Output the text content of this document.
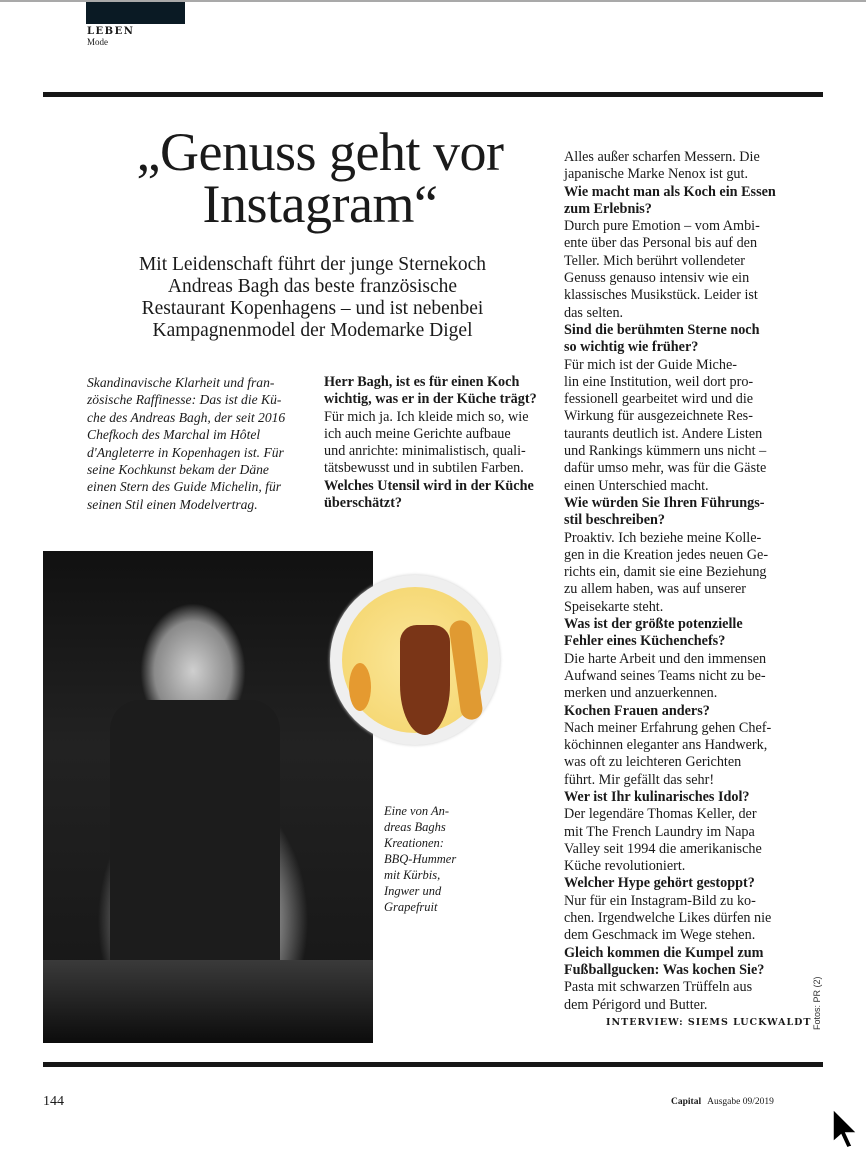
LEBEN
Mode
„Genuss geht vor
Instagram“
Mit Leidenschaft führt der junge Sternekoch
Andreas Bagh das beste französische
Restaurant Kopenhagens – und ist nebenbei
Kampagnenmodel der Modemarke Digel
Skandinavische Klarheit und fran-
zösische Raffinesse: Das ist die Kü-
che des Andreas Bagh, der seit 2016
Chefkoch des Marchal im Hôtel
d'Angleterre in Kopenhagen ist. Für
seine Kochkunst bekam der Däne
einen Stern des Guide Michelin, für
seinen Stil einen Modelvertrag.
Herr Bagh, ist es für einen Koch
wichtig, was er in der Küche trägt?
Für mich ja. Ich kleide mich so, wie
ich auch meine Gerichte aufbaue
und anrichte: minimalistisch, quali-
tätsbewusst und in subtilen Farben.
Welches Utensil wird in der Küche
überschätzt?
Alles außer scharfen Messern. Die
japanische Marke Nenox ist gut.
Wie macht man als Koch ein Essen
zum Erlebnis?
Durch pure Emotion – vom Ambi-
ente über das Personal bis auf den
Teller. Mich berührt vollendeter
Genuss genauso intensiv wie ein
klassisches Musikstück. Leider ist
das selten.
Sind die berühmten Sterne noch
so wichtig wie früher?
Für mich ist der Guide Miche-
lin eine Institution, weil dort pro-
fessionell gearbeitet wird und die
Wirkung für ausgezeichnete Res-
taurants deutlich ist. Andere Listen
und Rankings kümmern uns nicht –
dafür umso mehr, was für die Gäste
einen Unterschied macht.
Wie würden Sie Ihren Führungs-
stil beschreiben?
Proaktiv. Ich beziehe meine Kolle-
gen in die Kreation jedes neuen Ge-
richts ein, damit sie eine Beziehung
zu allem haben, was auf unserer
Speisekarte steht.
Was ist der größte potenzielle
Fehler eines Küchenchefs?
Die harte Arbeit und den immensen
Aufwand seines Teams nicht zu be-
merken und anzuerkennen.
Kochen Frauen anders?
Nach meiner Erfahrung gehen Chef-
köchinnen eleganter ans Handwerk,
was oft zu leichteren Gerichten
führt. Mir gefällt das sehr!
Wer ist Ihr kulinarisches Idol?
Der legendäre Thomas Keller, der
mit The French Laundry im Napa
Valley seit 1994 die amerikanische
Küche revolutioniert.
Welcher Hype gehört gestoppt?
Nur für ein Instagram-Bild zu ko-
chen. Irgendwelche Likes dürfen nie
dem Geschmack im Wege stehen.
Gleich kommen die Kumpel zum
Fußballgucken: Was kochen Sie?
Pasta mit schwarzen Trüffeln aus
dem Périgord und Butter.
INTERVIEW: SIEMS LUCKWALDT Fotos: PR (2)
Eine von An-
dreas Baghs
Kreationen:
BBQ-Hummer
mit Kürbis,
Ingwer und
Grapefruit
144	Capital Ausgabe 09/2019
